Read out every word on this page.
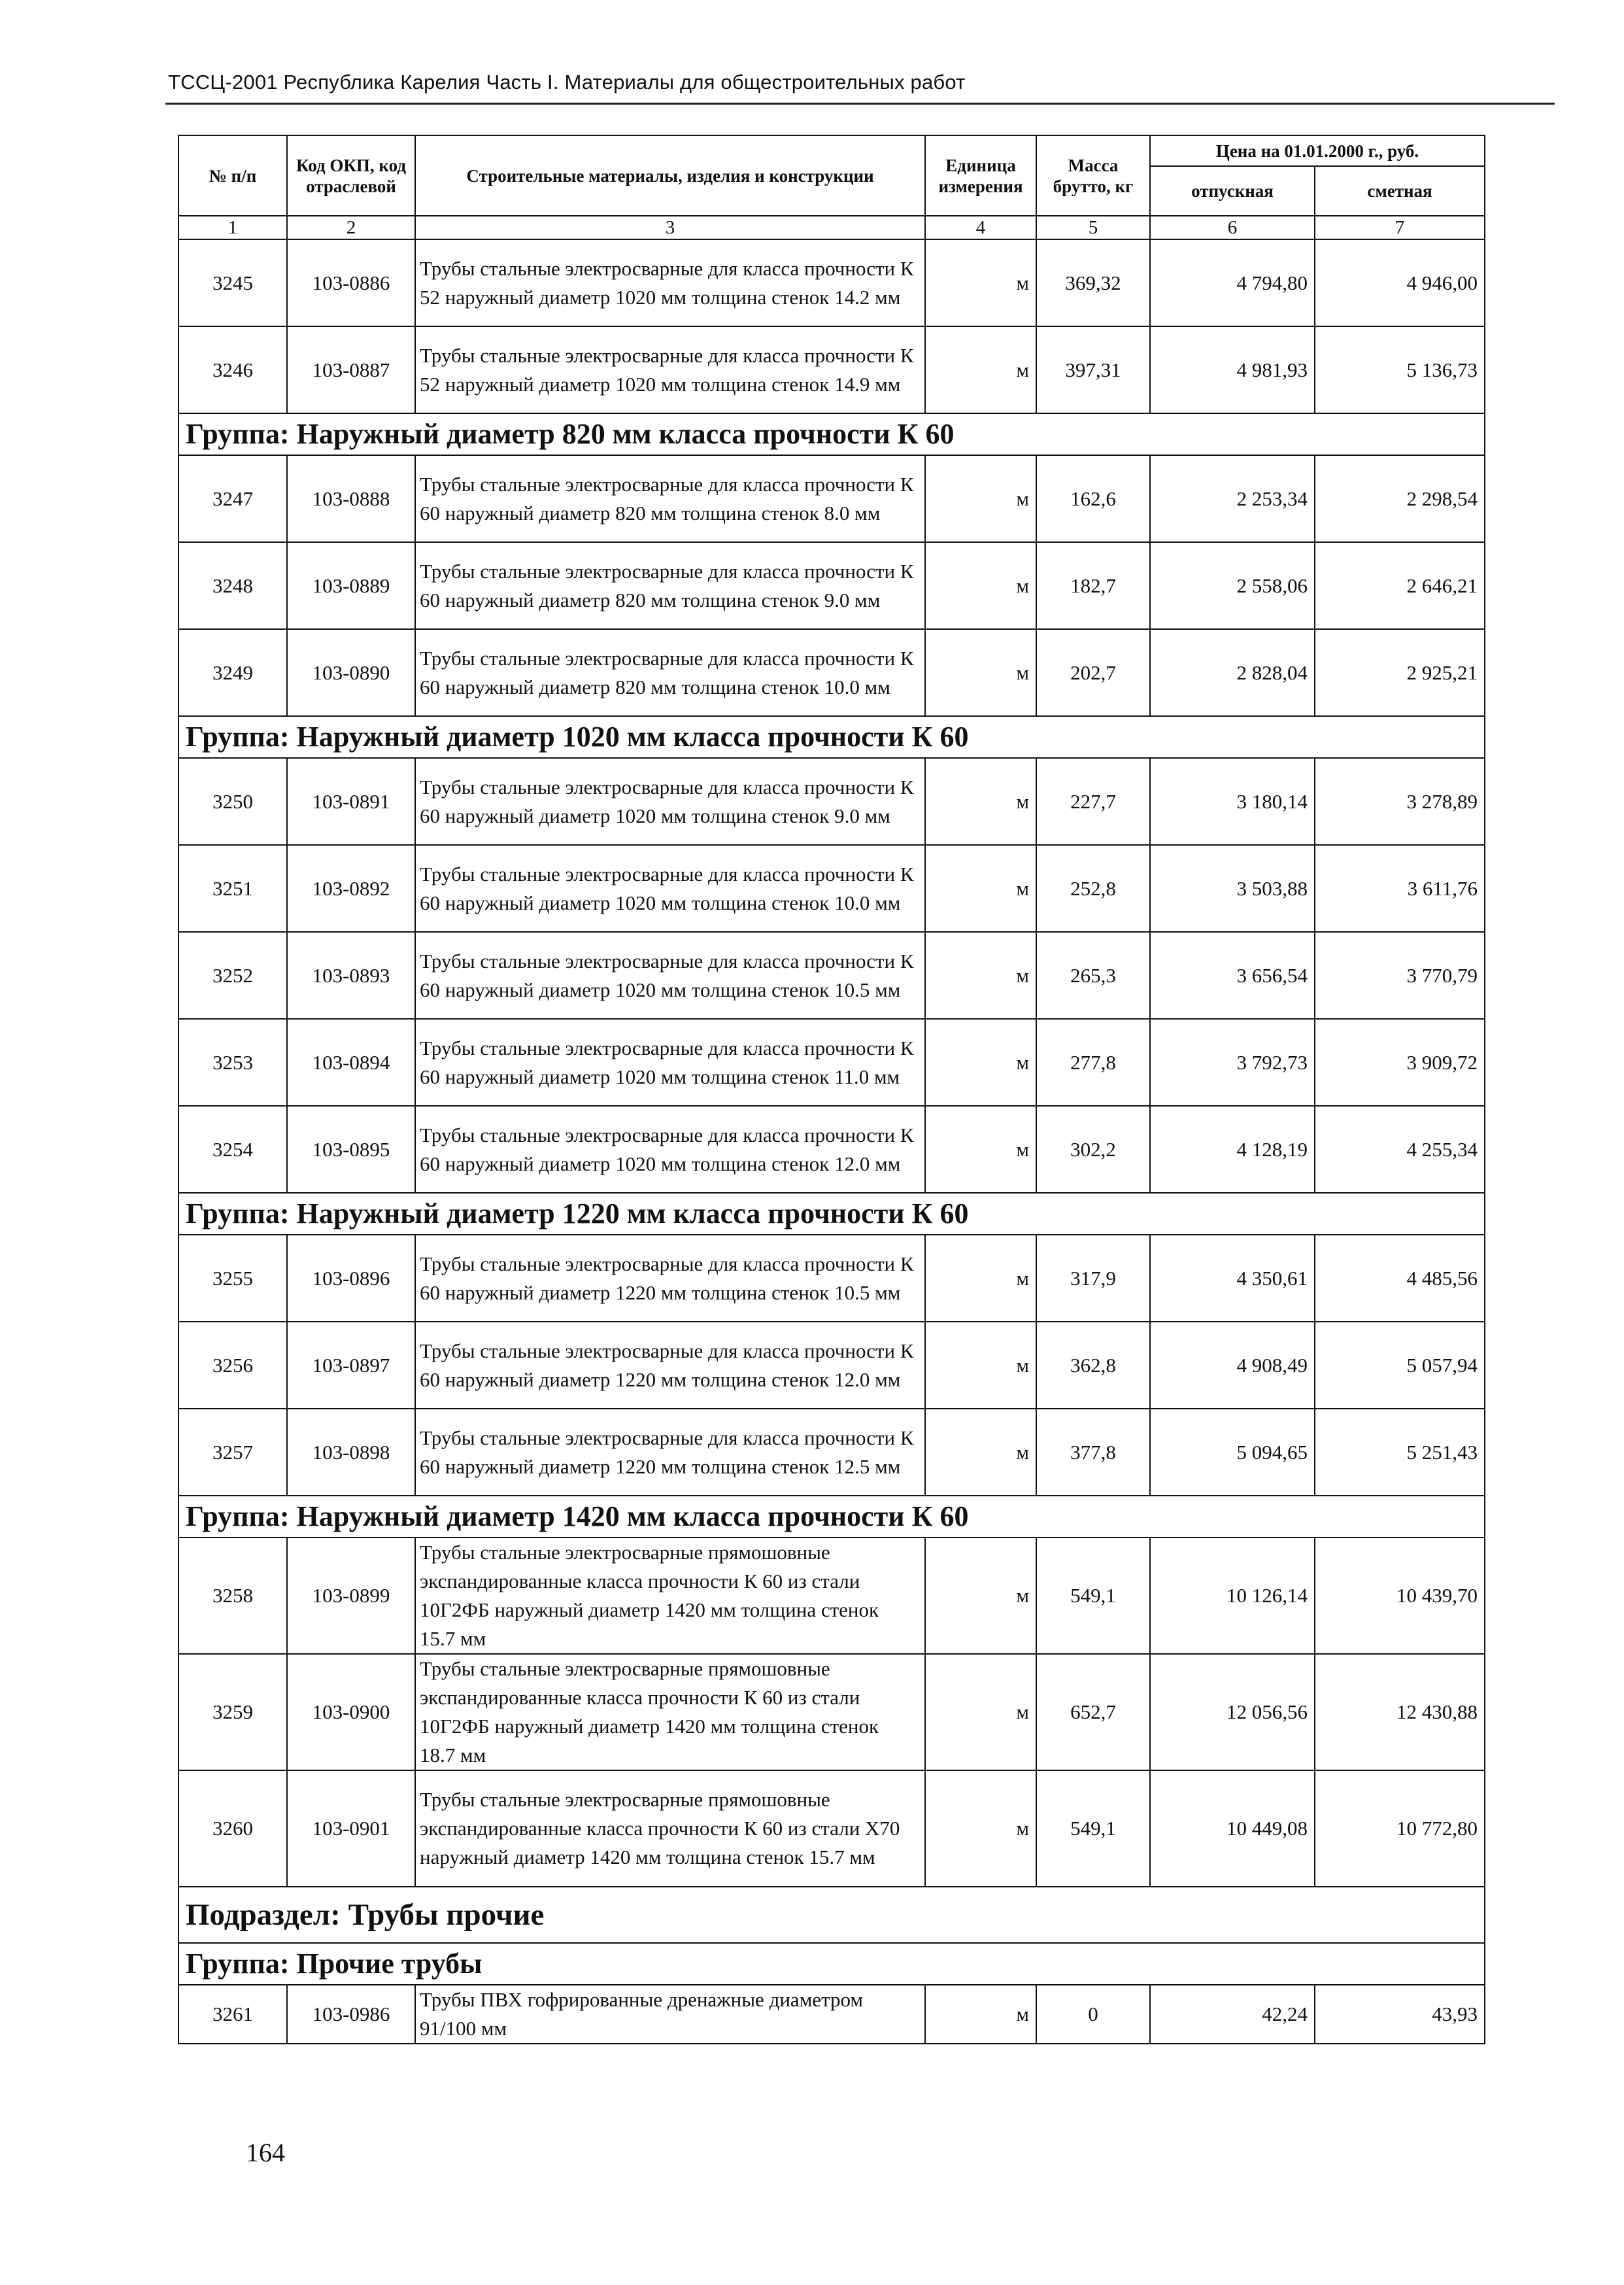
ТССЦ-2001 Республика Карелия Часть I. Материалы для общестроительных работ
№ п/п	Код ОКП, код отраслевой	Строительные материалы, изделия и конструкции	Единица измерения	Масса брутто, кг	Цена на 01.01.2000 г., руб.	
					отпускная	сметная
1	2	3	4	5	6	7
3245	103-0886	Трубы стальные электросварные для класса прочности К 52 наружный диаметр 1020 мм толщина стенок 14.2 мм	м	369,32	4 794,80	4 946,00
3246	103-0887	Трубы стальные электросварные для класса прочности К 52 наружный диаметр 1020 мм толщина стенок 14.9 мм	м	397,31	4 981,93	5 136,73
Группа: Наружный диаметр 820 мм класса прочности К 60						
3247	103-0888	Трубы стальные электросварные для класса прочности К 60 наружный диаметр 820 мм толщина стенок 8.0 мм	м	162,6	2 253,34	2 298,54
3248	103-0889	Трубы стальные электросварные для класса прочности К 60 наружный диаметр 820 мм толщина стенок 9.0 мм	м	182,7	2 558,06	2 646,21
3249	103-0890	Трубы стальные электросварные для класса прочности К 60 наружный диаметр 820 мм толщина стенок 10.0 мм	м	202,7	2 828,04	2 925,21
Группа: Наружный диаметр 1020 мм класса прочности К 60						
3250	103-0891	Трубы стальные электросварные для класса прочности К 60 наружный диаметр 1020 мм толщина стенок 9.0 мм	м	227,7	3 180,14	3 278,89
3251	103-0892	Трубы стальные электросварные для класса прочности К 60 наружный диаметр 1020 мм толщина стенок 10.0 мм	м	252,8	3 503,88	3 611,76
3252	103-0893	Трубы стальные электросварные для класса прочности К 60 наружный диаметр 1020 мм толщина стенок 10.5 мм	м	265,3	3 656,54	3 770,79
3253	103-0894	Трубы стальные электросварные для класса прочности К 60 наружный диаметр 1020 мм толщина стенок 11.0 мм	м	277,8	3 792,73	3 909,72
3254	103-0895	Трубы стальные электросварные для класса прочности К 60 наружный диаметр 1020 мм толщина стенок 12.0 мм	м	302,2	4 128,19	4 255,34
Группа: Наружный диаметр 1220 мм класса прочности К 60						
3255	103-0896	Трубы стальные электросварные для класса прочности К 60 наружный диаметр 1220 мм толщина стенок 10.5 мм	м	317,9	4 350,61	4 485,56
3256	103-0897	Трубы стальные электросварные для класса прочности К 60 наружный диаметр 1220 мм толщина стенок 12.0 мм	м	362,8	4 908,49	5 057,94
3257	103-0898	Трубы стальные электросварные для класса прочности К 60 наружный диаметр 1220 мм толщина стенок 12.5 мм	м	377,8	5 094,65	5 251,43
Группа: Наружный диаметр 1420 мм класса прочности К 60						
3258	103-0899	Трубы стальные электросварные прямошовные экспандированные класса прочности К 60 из стали 10Г2ФБ наружный диаметр 1420 мм толщина стенок 15.7 мм	м	549,1	10 126,14	10 439,70
3259	103-0900	Трубы стальные электросварные прямошовные экспандированные класса прочности К 60 из стали 10Г2ФБ наружный диаметр 1420 мм толщина стенок 18.7 мм	м	652,7	12 056,56	12 430,88
3260	103-0901	Трубы стальные электросварные прямошовные экспандированные класса прочности К 60 из стали Х70 наружный диаметр 1420 мм толщина стенок 15.7 мм	м	549,1	10 449,08	10 772,80
Подраздел: Трубы прочие						
Группа: Прочие трубы						
3261	103-0986	Трубы ПВХ гофрированные дренажные диаметром 91/100 мм	м	0	42,24	43,93
164
